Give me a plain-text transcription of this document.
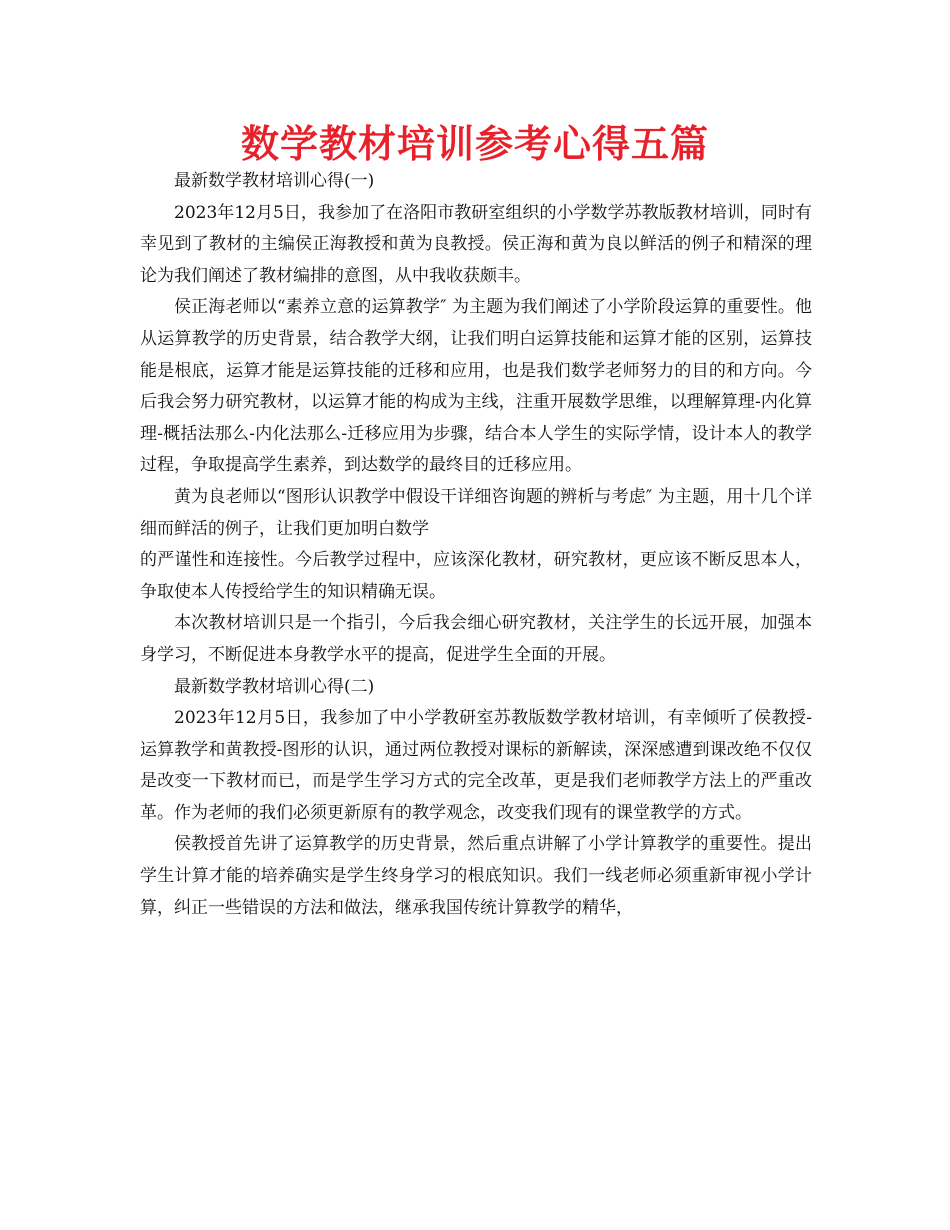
数学教材培训参考心得五篇

最新数学教材培训心得(一)

2023年12月5日，我参加了在洛阳市教研室组织的小学数学苏教版教材培训，同时有幸见到了教材的主编侯正海教授和黄为良教授。侯正海和黄为良以鲜活的例子和精深的理论为我们阐述了教材编排的意图，从中我收获颇丰。

侯正海老师以“素养立意的运算教学″ 为主题为我们阐述了小学阶段运算的重要性。他从运算教学的历史背景，结合教学大纲，让我们明白运算技能和运算才能的区别，运算技能是根底，运算才能是运算技能的迁移和应用，也是我们数学老师努力的目的和方向。今后我会努力研究教材，以运算才能的构成为主线，注重开展数学思维，以理解算理-内化算理-概括法那么-内化法那么-迁移应用为步骤，结合本人学生的实际学情，设计本人的教学过程，争取提高学生素养，到达数学的最终目的迁移应用。

黄为良老师以“图形认识教学中假设干详细咨询题的辨析与考虑″ 为主题，用十几个详细而鲜活的例子，让我们更加明白数学

的严谨性和连接性。今后教学过程中，应该深化教材，研究教材，更应该不断反思本人，争取使本人传授给学生的知识精确无误。

本次教材培训只是一个指引，今后我会细心研究教材，关注学生的长远开展，加强本身学习，不断促进本身教学水平的提高，促进学生全面的开展。

最新数学教材培训心得(二)

2023年12月5日，我参加了中小学教研室苏教版数学教材培训，有幸倾听了侯教授-运算教学和黄教授-图形的认识，通过两位教授对课标的新解读，深深感遭到课改绝不仅仅是改变一下教材而已，而是学生学习方式的完全改革，更是我们老师教学方法上的严重改革。作为老师的我们必须更新原有的教学观念，改变我们现有的课堂教学的方式。

侯教授首先讲了运算教学的历史背景，然后重点讲解了小学计算教学的重要性。提出学生计算才能的培养确实是学生终身学习的根底知识。我们一线老师必须重新审视小学计算，纠正一些错误的方法和做法，继承我国传统计算教学的精华，
